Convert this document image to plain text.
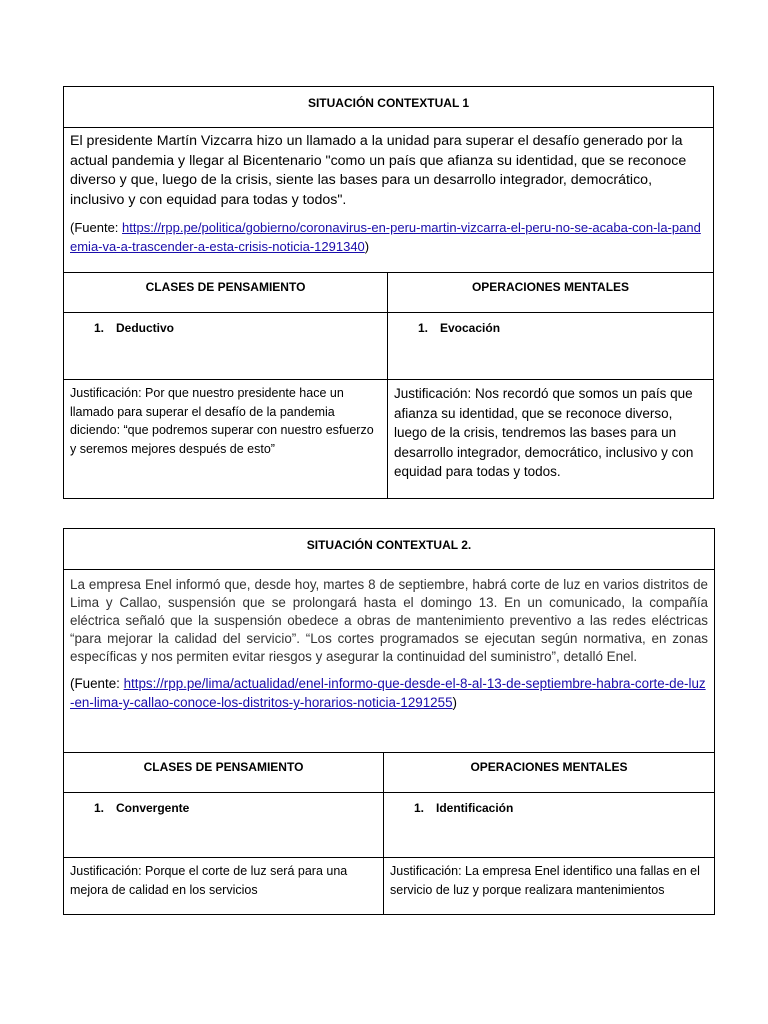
SITUACIÓN CONTEXTUAL 1	

El presidente Martín Vizcarra hizo un llamado a la unidad para superar el desafío generado por la actual pandemia y llegar al Bicentenario "como un país que afianza su identidad, que se reconoce diverso y que, luego de la crisis, siente las bases para un desarrollo integrador, democrático, inclusivo y con equidad para todas y todos".

(Fuente: https://rpp.pe/politica/gobierno/coronavirus-en-peru-martin-vizcarra-el-peru-no-se-acaba-con-la-pandemia-va-a-trascender-a-esta-crisis-noticia-1291340)	

CLASES DE PENSAMIENTO	OPERACIONES MENTALES

1. Deductivo	1. Evocación

Justificación: Por que nuestro presidente hace un llamado para superar el desafío de la pandemia diciendo: “que podremos superar con nuestro esfuerzo y seremos mejores después de esto”	Justificación: Nos recordó que somos un país que afianza su identidad, que se reconoce diverso, luego de la crisis, tendremos las bases para un desarrollo integrador, democrático, inclusivo y con equidad para todas y todos.
SITUACIÓN CONTEXTUAL 2.	

La empresa Enel informó que, desde hoy, martes 8 de septiembre, habrá corte de luz en varios distritos de Lima y Callao, suspensión que se prolongará hasta el domingo 13. En un comunicado, la compañía eléctrica señaló que la suspensión obedece a obras de mantenimiento preventivo a las redes eléctricas “para mejorar la calidad del servicio”. “Los cortes programados se ejecutan según normativa, en zonas específicas y nos permiten evitar riesgos y asegurar la continuidad del suministro”, detalló Enel.

(Fuente: https://rpp.pe/lima/actualidad/enel-informo-que-desde-el-8-al-13-de-septiembre-habra-corte-de-luz-en-lima-y-callao-conoce-los-distritos-y-horarios-noticia-1291255)	

CLASES DE PENSAMIENTO	OPERACIONES MENTALES

1. Convergente	1. Identificación

Justificación: Porque el corte de luz será para una mejora de calidad en los servicios	Justificación: La empresa Enel identifico una fallas en el servicio de luz y porque realizara mantenimientos
